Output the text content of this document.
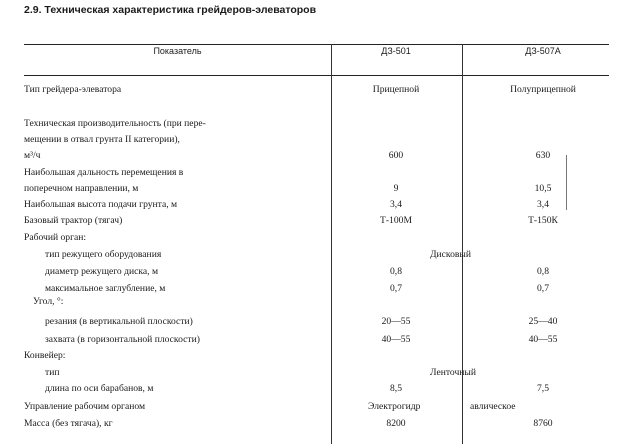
2.9. Техническая характеристика грейдеров-элеваторов
Показатель	ДЗ-501	ДЗ-507А
Тип грейдера-элеватора	Прицепной	Полуприцепной
Техническая производительность (при пере-
мещении в отвал грунта II категории),
м³/ч	600	630
Наибольшая дальность перемещения в
поперечном направлении, м	9	10,5
Наибольшая высота подачи грунта, м	3,4	3,4
Базовый трактор (тягач)	Т-100М	Т-150К
Рабочий орган:
тип режущего оборудования	Дисковый
диаметр режущего диска, м	0,8	0,8
максимальное заглубление, м	0,7	0,7
Угол, °:
резания (в вертикальной плоскости)	20—55	25—40
захвата (в горизонтальной плоскости)	40—55	40—55
Конвейер:
тип	Ленточный
длина по оси барабанов, м	8,5	7,5
Управление рабочим органом	Электрогидр	авлическое
Масса (без тягача), кг	8200	8760
